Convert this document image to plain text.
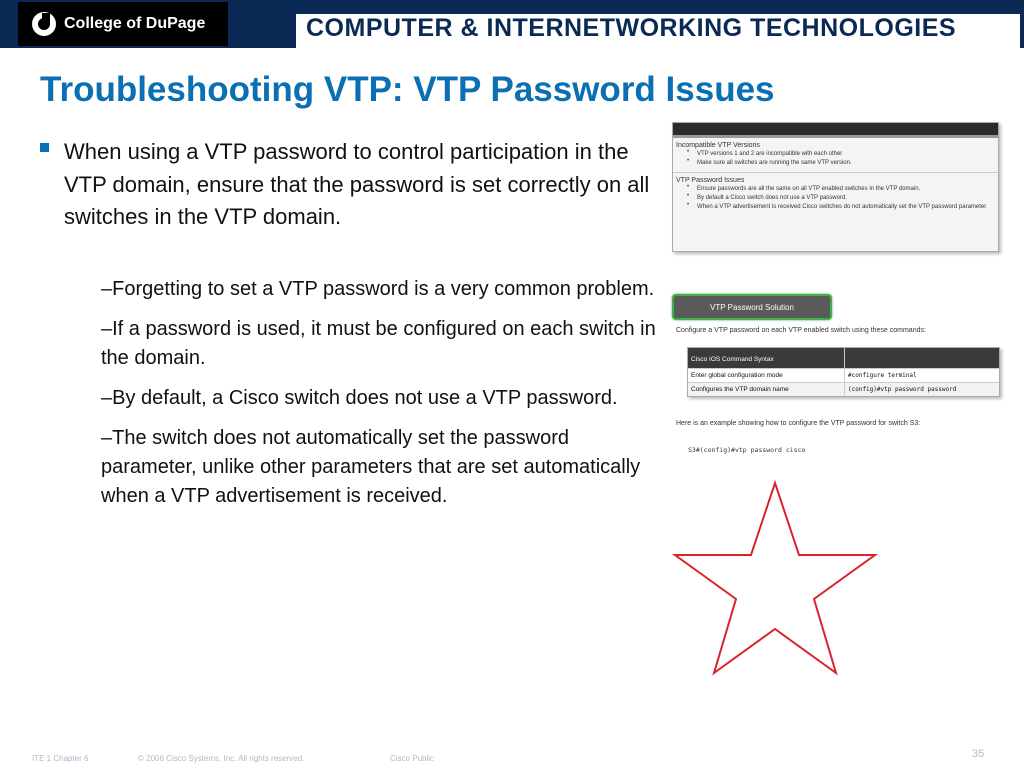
College of DuPage	COMPUTER & INTERNETWORKING TECHNOLOGIES
Troubleshooting VTP: VTP Password Issues
When using a VTP password to control participation in the VTP domain, ensure that the password is set correctly on all switches in the VTP domain.
–Forgetting to set a VTP password is a very common problem.
–If a password is used, it must be configured on each switch in the domain.
–By default, a Cisco switch does not use a VTP password.
–The switch does not automatically set the password parameter, unlike other parameters that are set automatically when a VTP advertisement is received.
Incompatible VTP Versions
• VTP versions 1 and 2 are incompatible with each other
• Make sure all switches are running the same VTP version.
VTP Password Issues
• Ensure passwords are all the same on all VTP enabled switches in the VTP domain.
• By default a Cisco switch does not use a VTP password.
• When a VTP advertisement is received Cisco switches do not automatically set the VTP password parameter
VTP Password Solution
Configure a VTP password on each VTP enabled switch using these commands:
Cisco IOS Command Syntax
Enter global configuration mode	#configure terminal
Configures the VTP domain name	(config)#vtp password password
Here is an example showing how to configure the VTP password for switch S3:
S3#(config)#vtp password cisco
ITE 1 Chapter 6	© 2006 Cisco Systems, Inc. All rights reserved.	Cisco Public	35
